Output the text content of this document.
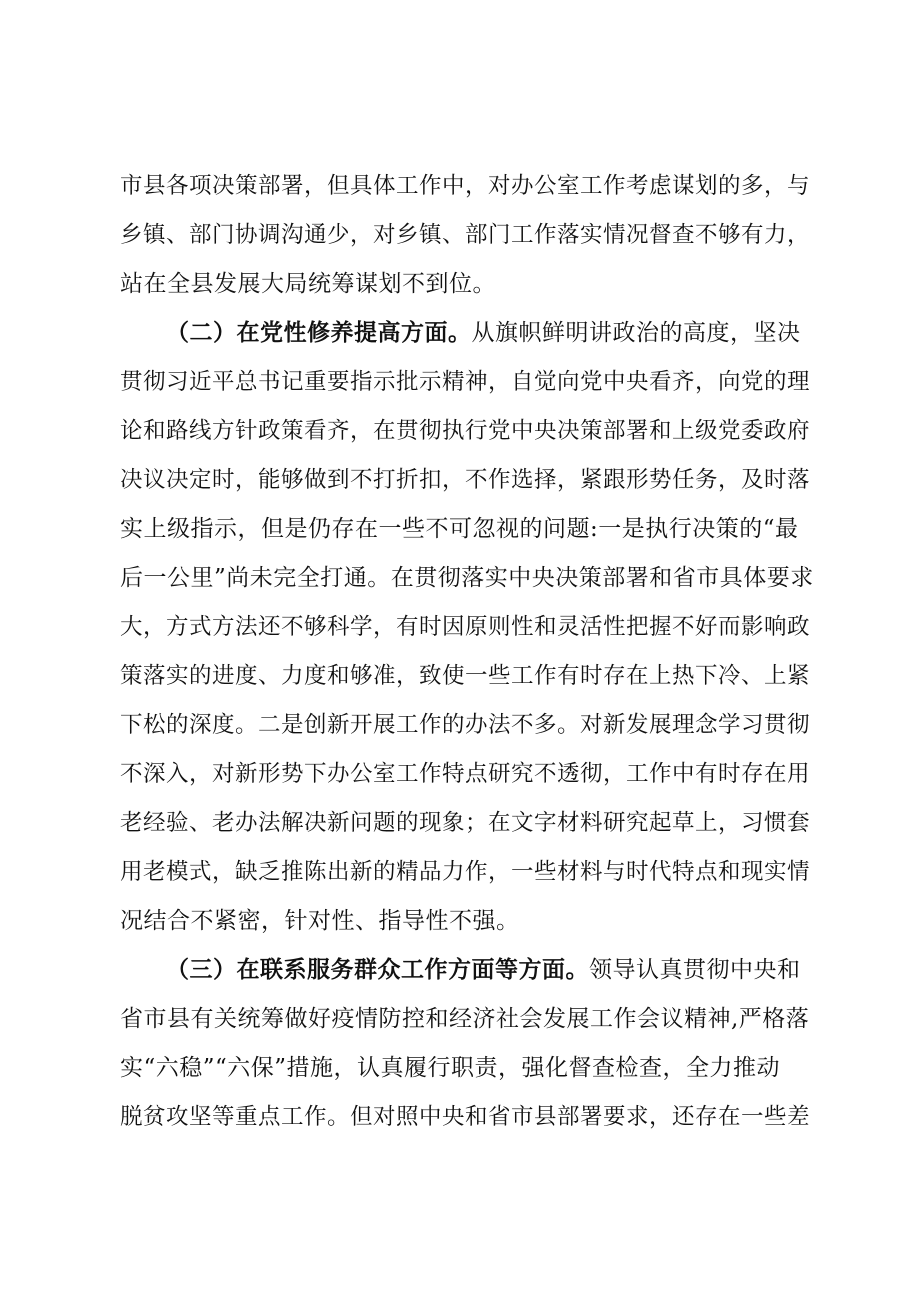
市县各项决策部署，但具体工作中，对办公室工作考虑谋划的多，与
乡镇、部门协调沟通少，对乡镇、部门工作落实情况督查不够有力，
站在全县发展大局统筹谋划不到位。
（二）在党性修养提高方面。从旗帜鲜明讲政治的高度，坚决
贯彻习近平总书记重要指示批示精神，自觉向党中央看齐，向党的理
论和路线方针政策看齐，在贯彻执行党中央决策部署和上级党委政府
决议决定时，能够做到不打折扣，不作选择，紧跟形势任务，及时落
实上级指示，但是仍存在一些不可忽视的问题:一是执行决策的“最
后一公里”尚未完全打通。在贯彻落实中央决策部署和省市具体要求
大，方式方法还不够科学，有时因原则性和灵活性把握不好而影响政
策落实的进度、力度和够准，致使一些工作有时存在上热下冷、上紧
下松的深度。二是创新开展工作的办法不多。对新发展理念学习贯彻
不深入，对新形势下办公室工作特点研究不透彻，工作中有时存在用
老经验、老办法解决新问题的现象；在文字材料研究起草上，习惯套
用老模式，缺乏推陈出新的精品力作，一些材料与时代特点和现实情
况结合不紧密，针对性、指导性不强。
（三）在联系服务群众工作方面等方面。领导认真贯彻中央和
省市县有关统筹做好疫情防控和经济社会发展工作会议精神,严格落
实“六稳”“六保”措施，认真履行职责，强化督查检查，全力推动
脱贫攻坚等重点工作。但对照中央和省市县部署要求，还存在一些差
